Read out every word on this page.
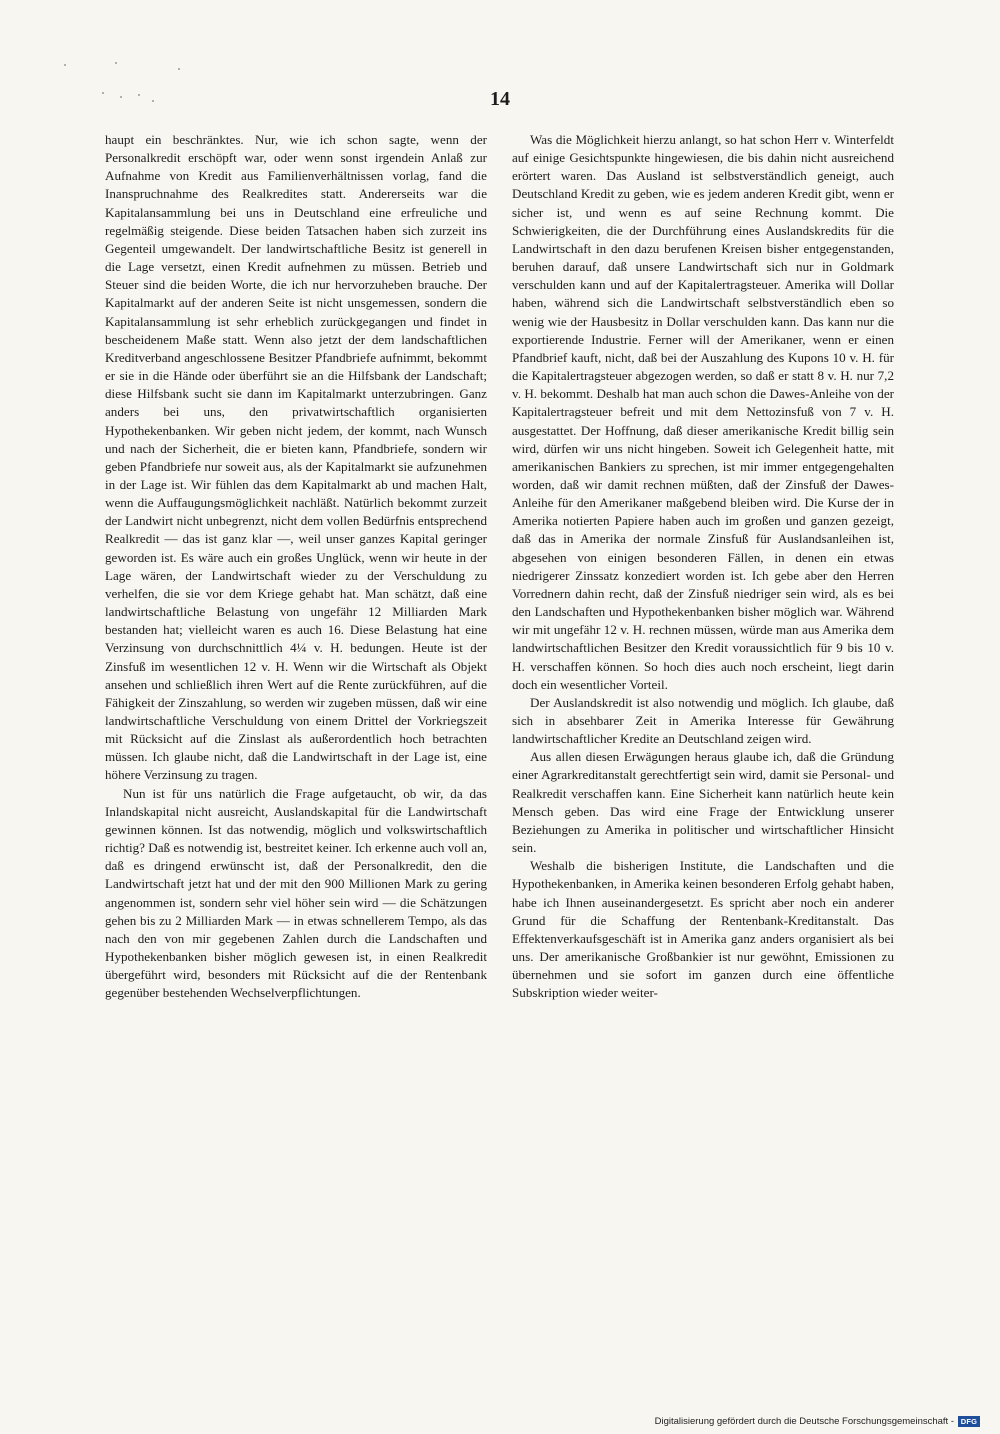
14

haupt ein beschränktes. Nur, wie ich schon sagte, wenn der Personalkredit erschöpft war, oder wenn sonst irgendein Anlaß zur Aufnahme von Kredit aus Familienverhältnissen vorlag, fand die Inanspruchnahme des Realkredites statt. Andererseits war die Kapitalansammlung bei uns in Deutschland eine erfreuliche und regelmäßig steigende. Diese beiden Tatsachen haben sich zurzeit ins Gegenteil umgewandelt. Der landwirtschaftliche Besitz ist generell in die Lage versetzt, einen Kredit aufnehmen zu müssen. Betrieb und Steuer sind die beiden Worte, die ich nur hervorzuheben brauche. Der Kapitalmarkt auf der anderen Seite ist nicht unsgemessen, sondern die Kapitalansammlung ist sehr erheblich zurückgegangen und findet in bescheidenem Maße statt. Wenn also jetzt der dem landschaftlichen Kreditverband angeschlossene Besitzer Pfandbriefe aufnimmt, bekommt er sie in die Hände oder überführt sie an die Hilfsbank der Landschaft; diese Hilfsbank sucht sie dann im Kapitalmarkt unterzubringen. Ganz anders bei uns, den privatwirtschaftlich organisierten Hypothekenbanken. Wir geben nicht jedem, der kommt, nach Wunsch und nach der Sicherheit, die er bieten kann, Pfandbriefe, sondern wir geben Pfandbriefe nur soweit aus, als der Kapitalmarkt sie aufzunehmen in der Lage ist. Wir fühlen das dem Kapitalmarkt ab und machen Halt, wenn die Auffaugungsmöglichkeit nachläßt. Natürlich bekommt zurzeit der Landwirt nicht unbegrenzt, nicht dem vollen Bedürfnis entsprechend Realkredit — das ist ganz klar —, weil unser ganzes Kapital geringer geworden ist. Es wäre auch ein großes Unglück, wenn wir heute in der Lage wären, der Landwirtschaft wieder zu der Verschuldung zu verhelfen, die sie vor dem Kriege gehabt hat. Man schätzt, daß eine landwirtschaftliche Belastung von ungefähr 12 Milliarden Mark bestanden hat; vielleicht waren es auch 16. Diese Belastung hat eine Verzinsung von durchschnittlich 4¼ v. H. bedungen. Heute ist der Zinsfuß im wesentlichen 12 v. H. Wenn wir die Wirtschaft als Objekt ansehen und schließlich ihren Wert auf die Rente zurückführen, auf die Fähigkeit der Zinszahlung, so werden wir zugeben müssen, daß wir eine landwirtschaftliche Verschuldung von einem Drittel der Vorkriegszeit mit Rücksicht auf die Zinslast als außerordentlich hoch betrachten müssen. Ich glaube nicht, daß die Landwirtschaft in der Lage ist, eine höhere Verzinsung zu tragen.

Nun ist für uns natürlich die Frage aufgetaucht, ob wir, da das Inlandskapital nicht ausreicht, Auslandskapital für die Landwirtschaft gewinnen können. Ist das notwendig, möglich und volkswirtschaftlich richtig? Daß es notwendig ist, bestreitet keiner. Ich erkenne auch voll an, daß es dringend erwünscht ist, daß der Personalkredit, den die Landwirtschaft jetzt hat und der mit den 900 Millionen Mark zu gering angenommen ist, sondern sehr viel höher sein wird — die Schätzungen gehen bis zu 2 Milliarden Mark — in etwas schnellerem Tempo, als das nach den von mir gegebenen Zahlen durch die Landschaften und Hypothekenbanken bisher möglich gewesen ist, in einen Realkredit übergeführt wird, besonders mit Rücksicht auf die der Rentenbank gegenüber bestehenden Wechselverpflichtungen.

Was die Möglichkeit hierzu anlangt, so hat schon Herr v. Winterfeldt auf einige Gesichtspunkte hingewiesen, die bis dahin nicht ausreichend erörtert waren. Das Ausland ist selbstverständlich geneigt, auch Deutschland Kredit zu geben, wie es jedem anderen Kredit gibt, wenn er sicher ist, und wenn es auf seine Rechnung kommt. Die Schwierigkeiten, die der Durchführung eines Auslandskredits für die Landwirtschaft in den dazu berufenen Kreisen bisher entgegenstanden, beruhen darauf, daß unsere Landwirtschaft sich nur in Goldmark verschulden kann und auf der Kapitalertragsteuer. Amerika will Dollar haben, während sich die Landwirtschaft selbstverständlich eben so wenig wie der Hausbesitz in Dollar verschulden kann. Das kann nur die exportierende Industrie. Ferner will der Amerikaner, wenn er einen Pfandbrief kauft, nicht, daß bei der Auszahlung des Kupons 10 v. H. für die Kapitalertragsteuer abgezogen werden, so daß er statt 8 v. H. nur 7,2 v. H. bekommt. Deshalb hat man auch schon die Dawes-Anleihe von der Kapitalertragsteuer befreit und mit dem Nettozinsfuß von 7 v. H. ausgestattet. Der Hoffnung, daß dieser amerikanische Kredit billig sein wird, dürfen wir uns nicht hingeben. Soweit ich Gelegenheit hatte, mit amerikanischen Bankiers zu sprechen, ist mir immer entgegengehalten worden, daß wir damit rechnen müßten, daß der Zinsfuß der Dawes-Anleihe für den Amerikaner maßgebend bleiben wird. Die Kurse der in Amerika notierten Papiere haben auch im großen und ganzen gezeigt, daß das in Amerika der normale Zinsfuß für Auslandsanleihen ist, abgesehen von einigen besonderen Fällen, in denen ein etwas niedrigerer Zinssatz konzediert worden ist. Ich gebe aber den Herren Vorrednern dahin recht, daß der Zinsfuß niedriger sein wird, als es bei den Landschaften und Hypothekenbanken bisher möglich war. Während wir mit ungefähr 12 v. H. rechnen müssen, würde man aus Amerika dem landwirtschaftlichen Besitzer den Kredit voraussichtlich für 9 bis 10 v. H. verschaffen können. So hoch dies auch noch erscheint, liegt darin doch ein wesentlicher Vorteil.

Der Auslandskredit ist also notwendig und möglich. Ich glaube, daß sich in absehbarer Zeit in Amerika Interesse für Gewährung landwirtschaftlicher Kredite an Deutschland zeigen wird.

Aus allen diesen Erwägungen heraus glaube ich, daß die Gründung einer Agrarkreditanstalt gerechtfertigt sein wird, damit sie Personal- und Realkredit verschaffen kann. Eine Sicherheit kann natürlich heute kein Mensch geben. Das wird eine Frage der Entwicklung unserer Beziehungen zu Amerika in politischer und wirtschaftlicher Hinsicht sein.

Weshalb die bisherigen Institute, die Landschaften und die Hypothekenbanken, in Amerika keinen besonderen Erfolg gehabt haben, habe ich Ihnen auseinandergesetzt. Es spricht aber noch ein anderer Grund für die Schaffung der Rentenbank-Kreditanstalt. Das Effektenverkaufsgeschäft ist in Amerika ganz anders organisiert als bei uns. Der amerikanische Großbankier ist nur gewöhnt, Emissionen zu übernehmen und sie sofort im ganzen durch eine öffentliche Subskription wieder weiter-

Digitalisierung gefördert durch die Deutsche Forschungsgemeinschaft - DFG
